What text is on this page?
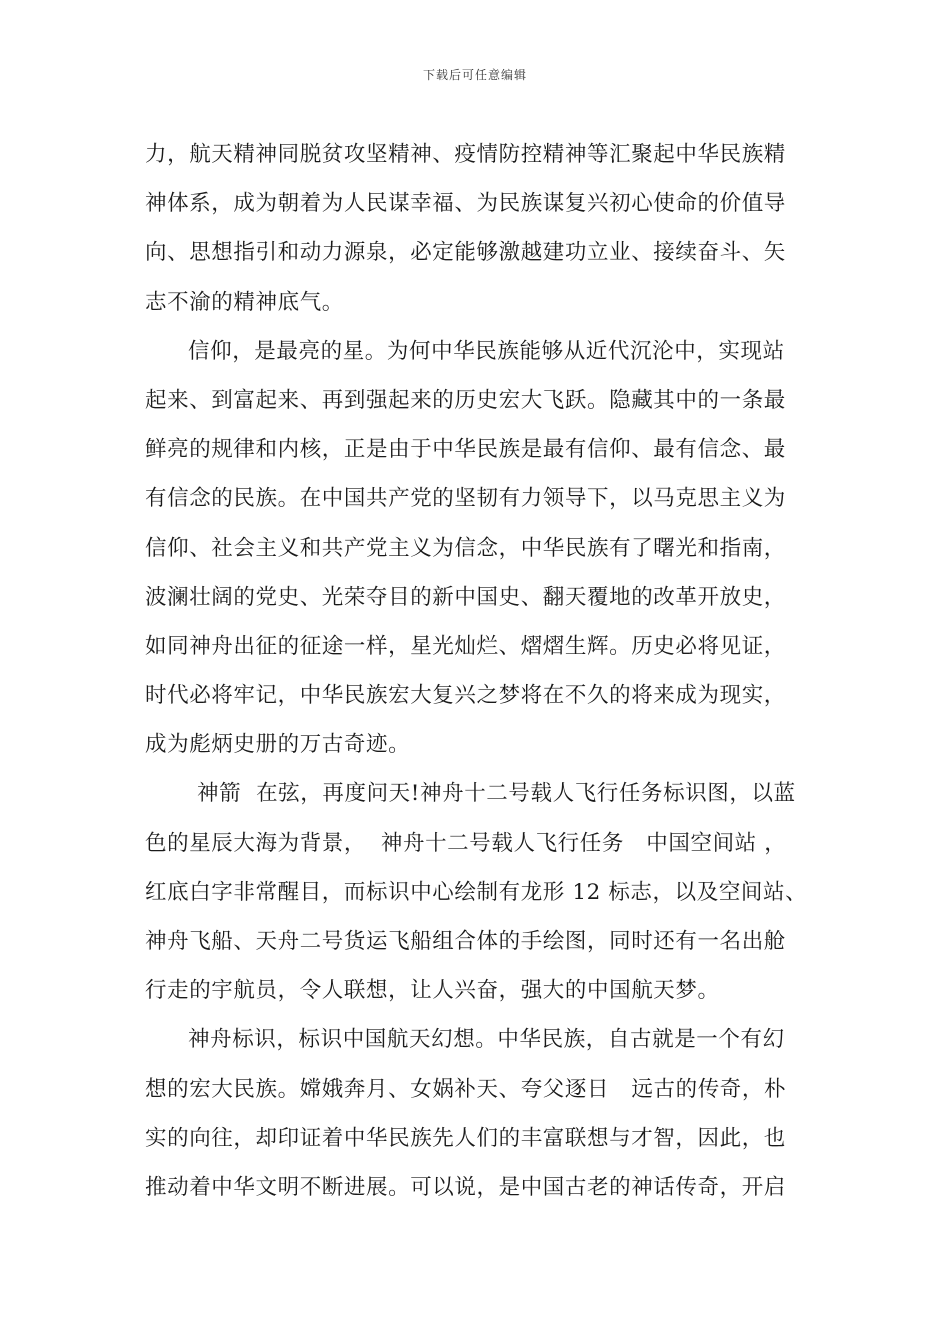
下载后可任意编辑
力，航天精神同脱贫攻坚精神、疫情防控精神等汇聚起中华民族精
神体系，成为朝着为人民谋幸福、为民族谋复兴初心使命的价值导
向、思想指引和动力源泉，必定能够激越建功立业、接续奋斗、矢
志不渝的精神底气。
信仰，是最亮的星。为何中华民族能够从近代沉沦中，实现站
起来、到富起来、再到强起来的历史宏大飞跃。隐藏其中的一条最
鲜亮的规律和内核，正是由于中华民族是最有信仰、最有信念、最
有信念的民族。在中国共产党的坚韧有力领导下，以马克思主义为
信仰、社会主义和共产党主义为信念，中华民族有了曙光和指南，
波澜壮阔的党史、光荣夺目的新中国史、翻天覆地的改革开放史，
如同神舟出征的征途一样，星光灿烂、熠熠生辉。历史必将见证，
时代必将牢记，中华民族宏大复兴之梦将在不久的将来成为现实，
成为彪炳史册的万古奇迹。
神箭  在弦，再度问天!神舟十二号载人飞行任务标识图，以蓝
色的星辰大海为背景，  神舟十二号载人飞行任务   中国空间站 ，
红底白字非常醒目，而标识中心绘制有龙形 12 标志，以及空间站、
神舟飞船、天舟二号货运飞船组合体的手绘图，同时还有一名出舱
行走的宇航员，令人联想，让人兴奋，强大的中国航天梦。
神舟标识，标识中国航天幻想。中华民族，自古就是一个有幻
想的宏大民族。嫦娥奔月、女娲补天、夸父逐日   远古的传奇，朴
实的向往，却印证着中华民族先人们的丰富联想与才智，因此，也
推动着中华文明不断进展。可以说，是中国古老的神话传奇，开启
